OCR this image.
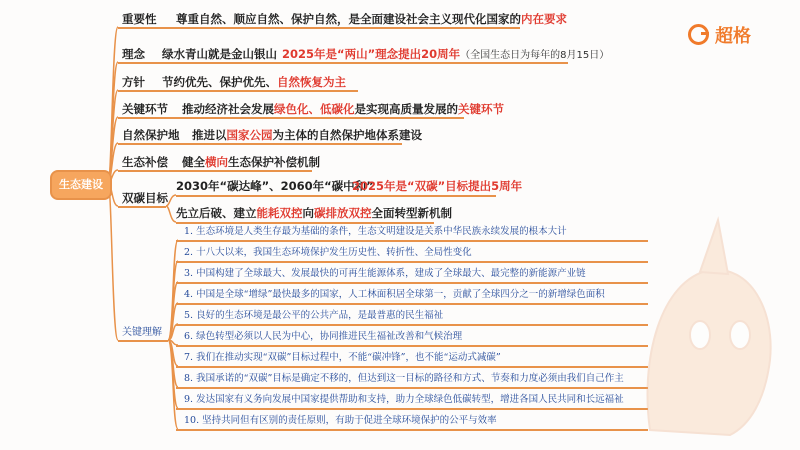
生态建设
重要性 尊重自然、顺应自然、保护自然，是全面建设社会主义现代化国家的内在要求
理念 绿水青山就是金山银山 2025年是“两山”理念提出20周年（全国生态日为每年的8月15日）
方针 节约优先、保护优先、自然恢复为主
关键环节 推动经济社会发展绿色化、低碳化是实现高质量发展的关键环节
自然保护地 推进以国家公园为主体的自然保护地体系建设
生态补偿 健全横向生态保护补偿机制
双碳目标
2030年“碳达峰”、2060年“碳中和”
2025年是“双碳”目标提出5周年
先立后破、建立能耗双控向碳排放双控全面转型新机制
关键理解
1. 生态环境是人类生存最为基础的条件，生态文明建设是关系中华民族永续发展的根本大计
2. 十八大以来，我国生态环境保护发生历史性、转折性、全局性变化
3. 中国构建了全球最大、发展最快的可再生能源体系，建成了全球最大、最完整的新能源产业链
4. 中国是全球“增绿”最快最多的国家，人工林面积居全球第一，贡献了全球四分之一的新增绿色面积
5. 良好的生态环境是最公平的公共产品，是最普惠的民生福祉
6. 绿色转型必须以人民为中心，协同推进民生福祉改善和气候治理
7. 我们在推动实现“双碳”目标过程中，不能“碳冲锋”，也不能“运动式减碳”
8. 我国承诺的“双碳”目标是确定不移的，但达到这一目标的路径和方式、节奏和力度必须由我们自己作主
9. 发达国家有义务向发展中国家提供帮助和支持，助力全球绿色低碳转型，增进各国人民共同和长远福祉
10. 坚持共同但有区别的责任原则，有助于促进全球环境保护的公平与效率
超格
